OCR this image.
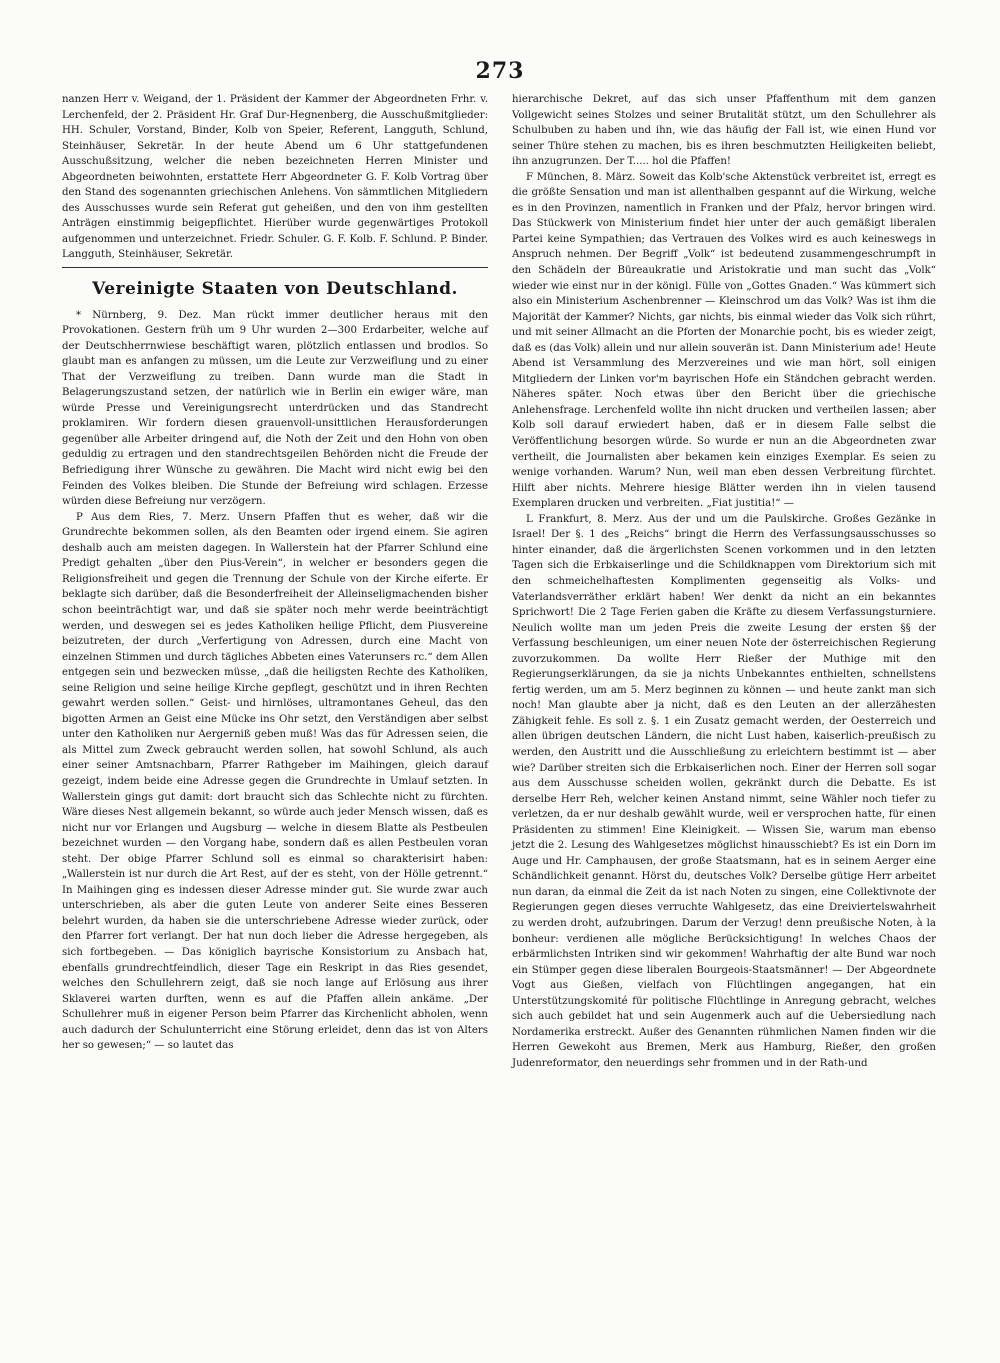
273

nanzen Herr v. Weigand, der 1. Präsident der Kammer der Abgeordneten Frhr. v. Lerchenfeld, der 2. Präsident Hr. Graf Dur-Hegnenberg, die Ausschußmitglieder: HH. Schuler, Vorstand, Binder, Kolb von Speier, Referent, Langguth, Schlund, Steinhäuser, Sekretär. In der heute Abend um 6 Uhr stattgefundenen Ausschußsitzung, welcher die neben bezeichneten Herren Minister und Abgeordneten beiwohnten, erstattete Herr Abgeordneter G. F. Kolb Vortrag über den Stand des sogenannten griechischen Anlehens. Von sämmtlichen Mitgliedern des Ausschusses wurde sein Referat gut geheißen, und den von ihm gestellten Anträgen einstimmig beigepflichtet. Hierüber wurde gegenwärtiges Protokoll aufgenommen und unterzeichnet. Friedr. Schuler. G. F. Kolb. F. Schlund. P. Binder. Langguth, Steinhäuser, Sekretär.

Vereinigte Staaten von Deutschland.

* Nürnberg, 9. Dez. Man rückt immer deutlicher heraus mit den Provokationen. Gestern früh um 9 Uhr wurden 2—300 Erdarbeiter, welche auf der Deutschherrnwiese beschäftigt waren, plötzlich entlassen und brodlos. So glaubt man es anfangen zu müssen, um die Leute zur Verzweiflung und zu einer That der Verzweiflung zu treiben. Dann wurde man die Stadt in Belagerungszustand setzen, der natürlich wie in Berlin ein ewiger wäre, man würde Presse und Vereinigungsrecht unterdrücken und das Standrecht proklamiren. Wir fordern diesen grauenvoll-unsittlichen Herausforderungen gegenüber alle Arbeiter dringend auf, die Noth der Zeit und den Hohn von oben geduldig zu ertragen und den standrechtsgeilen Behörden nicht die Freude der Befriedigung ihrer Wünsche zu gewähren. Die Macht wird nicht ewig bei den Feinden des Volkes bleiben. Die Stunde der Befreiung wird schlagen. Erzesse würden diese Befreiung nur verzögern.

P Aus dem Ries, 7. Merz. Unsern Pfaffen thut es weher, daß wir die Grundrechte bekommen sollen, als den Beamten oder irgend einem. Sie agiren deshalb auch am meisten dagegen. In Wallerstein hat der Pfarrer Schlund eine Predigt gehalten „über den Pius-Verein“, in welcher er besonders gegen die Religionsfreiheit und gegen die Trennung der Schule von der Kirche eiferte. Er beklagte sich darüber, daß die Besonderfreiheit der Alleinseligmachenden bisher schon beeinträchtigt war, und daß sie später noch mehr werde beeinträchtigt werden, und deswegen sei es jedes Katholiken heilige Pflicht, dem Piusvereine beizutreten, der durch „Verfertigung von Adressen, durch eine Macht von einzelnen Stimmen und durch tägliches Abbeten eines Vaterunsers rc.“ dem Allen entgegen sein und bezwecken müsse, „daß die heiligsten Rechte des Katholiken, seine Religion und seine heilige Kirche gepflegt, geschützt und in ihren Rechten gewahrt werden sollen.“ Geist- und hirnlöses, ultramontanes Geheul, das den bigotten Armen an Geist eine Mücke ins Ohr setzt, den Verständigen aber selbst unter den Katholiken nur Aergerniß geben muß! Was das für Adressen seien, die als Mittel zum Zweck gebraucht werden sollen, hat sowohl Schlund, als auch einer seiner Amtsnachbarn, Pfarrer Rathgeber im Maihingen, gleich darauf gezeigt, indem beide eine Adresse gegen die Grundrechte in Umlauf setzten. In Wallerstein gings gut damit: dort braucht sich das Schlechte nicht zu fürchten. Wäre dieses Nest allgemein bekannt, so würde auch jeder Mensch wissen, daß es nicht nur vor Erlangen und Augsburg — welche in diesem Blatte als Pestbeulen bezeichnet wurden — den Vorgang habe, sondern daß es allen Pestbeulen voran steht. Der obige Pfarrer Schlund soll es einmal so charakterisirt haben: „Wallerstein ist nur durch die Art Rest, auf der es steht, von der Hölle getrennt.“ In Maihingen ging es indessen dieser Adresse minder gut. Sie wurde zwar auch unterschrieben, als aber die guten Leute von anderer Seite eines Besseren belehrt wurden, da haben sie die unterschriebene Adresse wieder zurück, oder den Pfarrer fort verlangt. Der hat nun doch lieber die Adresse hergegeben, als sich fortbegeben. — Das königlich bayrische Konsistorium zu Ansbach hat, ebenfalls grundrechtfeindlich, dieser Tage ein Reskript in das Ries gesendet, welches den Schullehrern zeigt, daß sie noch lange auf Erlösung aus ihrer Sklaverei warten durften, wenn es auf die Pfaffen allein ankäme. „Der Schullehrer muß in eigener Person beim Pfarrer das Kirchenlicht abholen, wenn auch dadurch der Schulunterricht eine Störung erleidet, denn das ist von Alters her so gewesen;“ — so lautet das

hierarchische Dekret, auf das sich unser Pfaffenthum mit dem ganzen Vollgewicht seines Stolzes und seiner Brutalität stützt, um den Schullehrer als Schulbuben zu haben und ihn, wie das häufig der Fall ist, wie einen Hund vor seiner Thüre stehen zu machen, bis es ihren beschmutzten Heiligkeiten beliebt, ihn anzugrunzen. Der T..... hol die Pfaffen!

F München, 8. März. Soweit das Kolb'sche Aktenstück verbreitet ist, erregt es die größte Sensation und man ist allenthalben gespannt auf die Wirkung, welche es in den Provinzen, namentlich in Franken und der Pfalz, hervor bringen wird. Das Stückwerk von Ministerium findet hier unter der auch gemäßigt liberalen Partei keine Sympathien; das Vertrauen des Volkes wird es auch keineswegs in Anspruch nehmen. Der Begriff „Volk“ ist bedeutend zusammengeschrumpft in den Schädeln der Büreaukratie und Aristokratie und man sucht das „Volk“ wieder wie einst nur in der königl. Fülle von „Gottes Gnaden.“ Was kümmert sich also ein Ministerium Aschenbrenner — Kleinschrod um das Volk? Was ist ihm die Majorität der Kammer? Nichts, gar nichts, bis einmal wieder das Volk sich rührt, und mit seiner Allmacht an die Pforten der Monarchie pocht, bis es wieder zeigt, daß es (das Volk) allein und nur allein souverän ist. Dann Ministerium ade! Heute Abend ist Versammlung des Merzvereines und wie man hört, soll einigen Mitgliedern der Linken vor'm bayrischen Hofe ein Ständchen gebracht werden. Näheres später. Noch etwas über den Bericht über die griechische Anlehensfrage. Lerchenfeld wollte ihn nicht drucken und vertheilen lassen; aber Kolb soll darauf erwiedert haben, daß er in diesem Falle selbst die Veröffentlichung besorgen würde. So wurde er nun an die Abgeordneten zwar vertheilt, die Journalisten aber bekamen kein einziges Exemplar. Es seien zu wenige vorhanden. Warum? Nun, weil man eben dessen Verbreitung fürchtet. Hilft aber nichts. Mehrere hiesige Blätter werden ihn in vielen tausend Exemplaren drucken und verbreiten. „Fiat justitia!“ —

L Frankfurt, 8. Merz. Aus der und um die Paulskirche. Großes Gezänke in Israel! Der §. 1 des „Reichs“ bringt die Herrn des Verfassungsausschusses so hinter einander, daß die ärgerlichsten Scenen vorkommen und in den letzten Tagen sich die Erbkaiserlinge und die Schildknappen vom Direktorium sich mit den schmeichelhaftesten Komplimenten gegenseitig als Volks- und Vaterlandsverräther erklärt haben! Wer denkt da nicht an ein bekanntes Sprichwort! Die 2 Tage Ferien gaben die Kräfte zu diesem Verfassungsturniere. Neulich wollte man um jeden Preis die zweite Lesung der ersten §§ der Verfassung beschleunigen, um einer neuen Note der österreichischen Regierung zuvorzukommen. Da wollte Herr Rießer der Muthige mit den Regierungserklärungen, da sie ja nichts Unbekanntes enthielten, schnellstens fertig werden, um am 5. Merz beginnen zu können — und heute zankt man sich noch! Man glaubte aber ja nicht, daß es den Leuten an der allerzähesten Zähigkeit fehle. Es soll z. §. 1 ein Zusatz gemacht werden, der Oesterreich und allen übrigen deutschen Ländern, die nicht Lust haben, kaiserlich-preußisch zu werden, den Austritt und die Ausschließung zu erleichtern bestimmt ist — aber wie? Darüber streiten sich die Erbkaiserlichen noch. Einer der Herren soll sogar aus dem Ausschusse scheiden wollen, gekränkt durch die Debatte. Es ist derselbe Herr Reh, welcher keinen Anstand nimmt, seine Wähler noch tiefer zu verletzen, da er nur deshalb gewählt wurde, weil er versprochen hatte, für einen Präsidenten zu stimmen! Eine Kleinigkeit. — Wissen Sie, warum man ebenso jetzt die 2. Lesung des Wahlgesetzes möglichst hinausschiebt? Es ist ein Dorn im Auge und Hr. Camphausen, der große Staatsmann, hat es in seinem Aerger eine Schändlichkeit genannt. Hörst du, deutsches Volk? Derselbe gütige Herr arbeitet nun daran, da einmal die Zeit da ist nach Noten zu singen, eine Collektivnote der Regierungen gegen dieses verruchte Wahlgesetz, das eine Dreiviertelswahrheit zu werden droht, aufzubringen. Darum der Verzug! denn preußische Noten, à la bonheur: verdienen alle mögliche Berücksichtigung! In welches Chaos der erbärmlichsten Intriken sind wir gekommen! Wahrhaftig der alte Bund war noch ein Stümper gegen diese liberalen Bourgeois-Staatsmänner! — Der Abgeordnete Vogt aus Gießen, vielfach von Flüchtlingen angegangen, hat ein Unterstützungskomité für politische Flüchtlinge in Anregung gebracht, welches sich auch gebildet hat und sein Augenmerk auch auf die Uebersiedlung nach Nordamerika erstreckt. Außer des Genannten rühmlichen Namen finden wir die Herren Gewekoht aus Bremen, Merk aus Hamburg, Rießer, den großen Judenreformator, den neuerdings sehr frommen und in der Rath-und
